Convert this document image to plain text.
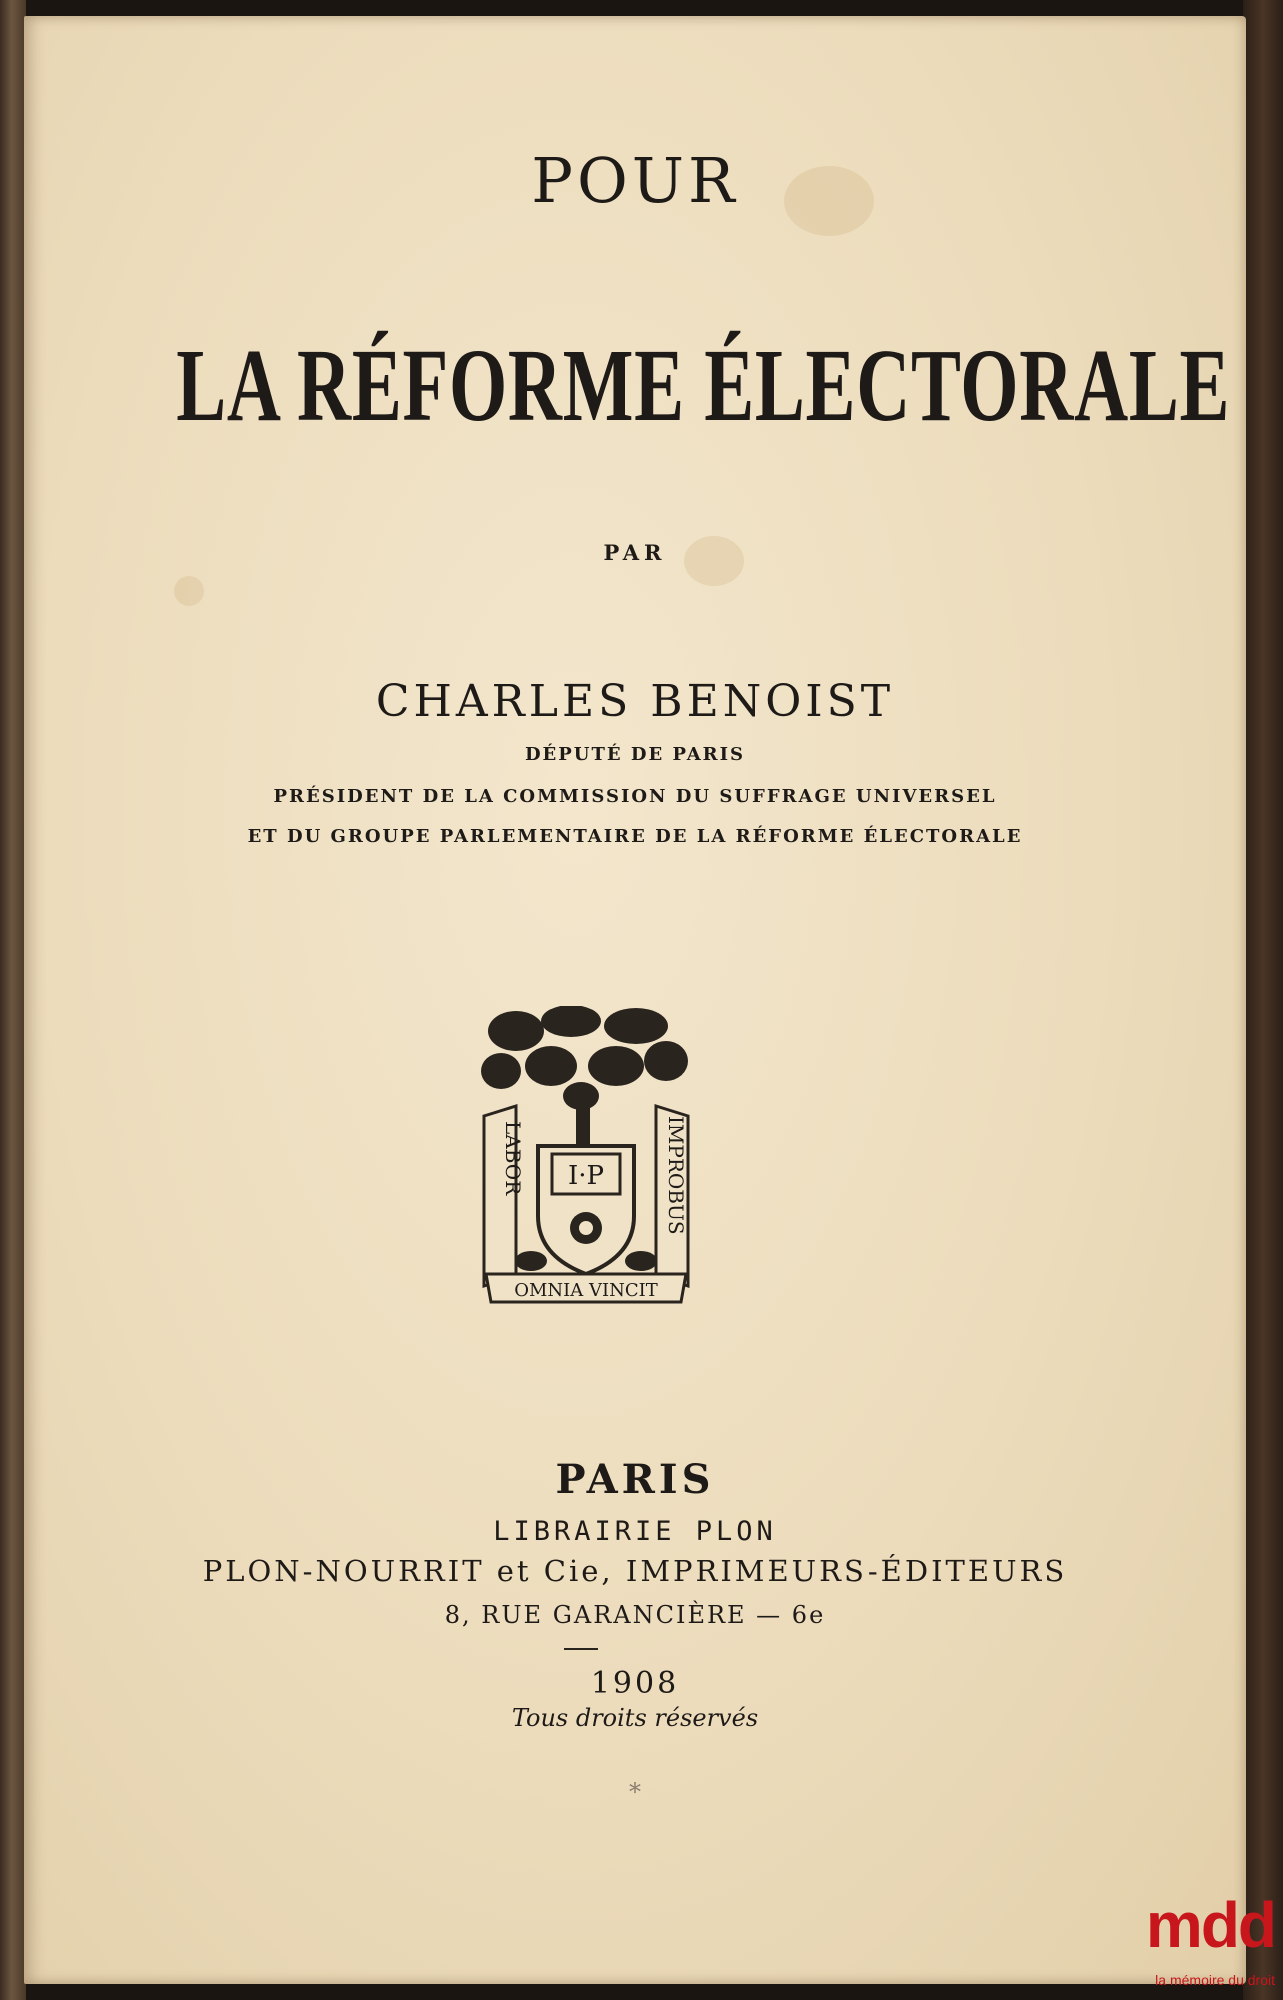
POUR
LA RÉFORME ÉLECTORALE
PAR
CHARLES BENOIST
DÉPUTÉ DE PARIS
PRÉSIDENT DE LA COMMISSION DU SUFFRAGE UNIVERSEL
ET DU GROUPE PARLEMENTAIRE DE LA RÉFORME ÉLECTORALE
LABOR	IMPROBUS
I·P
OMNIA VINCIT
PARIS
LIBRAIRIE PLON
PLON-NOURRIT et Cie, IMPRIMEURS-ÉDITEURS
8, RUE GARANCIÈRE — 6e
1908
Tous droits réservés
*
mdd
la mémoire du droit
